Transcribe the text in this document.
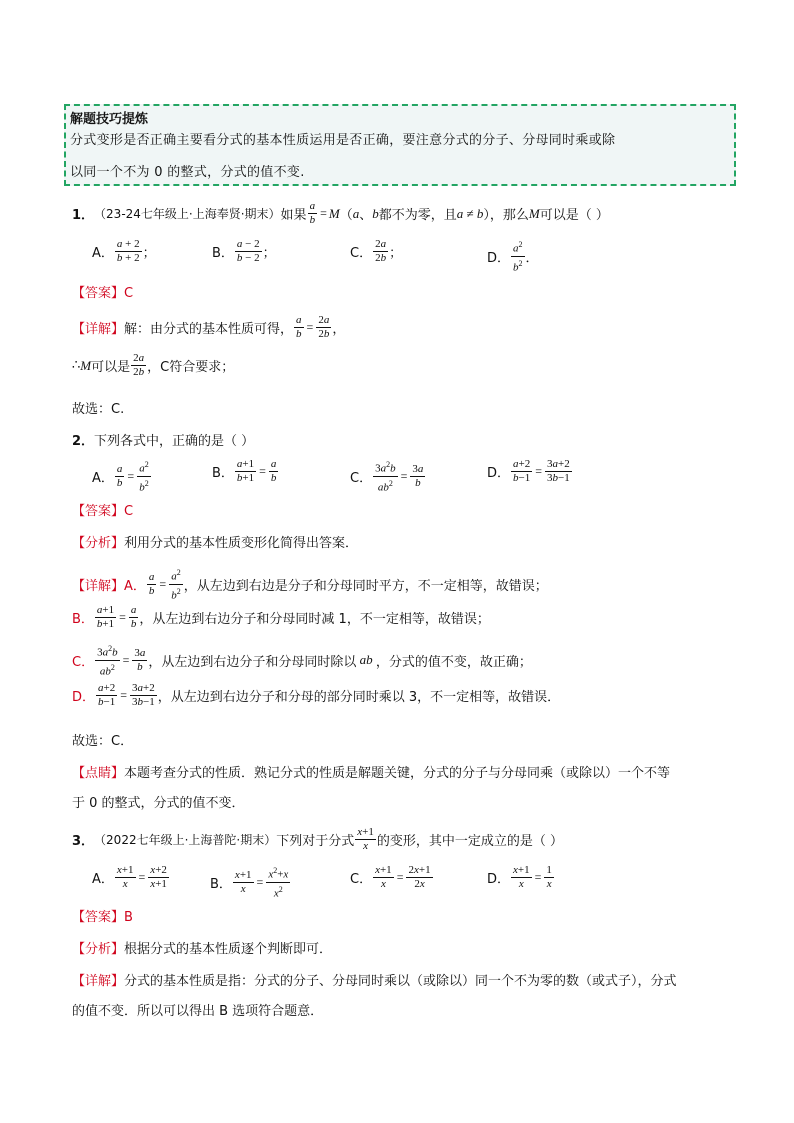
解题技巧提炼
分式变形是否正确主要看分式的基本性质运用是否正确，要注意分式的分子、分母同时乘或除
以同一个不为 0 的整式，分式的值不变.
1． （23-24七年级上·上海奉贤·期末） 如果 $\frac{a}{b} = M$ （ a 、 b 都不为零，且 a ≠ b ），那么 M 可以是（ ）
A．
a + 2
b + 2 ；	B．
a − 2
b − 2 ；	C．
2a
2b ；	D．
$a^2$
$b^2$ ．
【答案】C
【详解】 解：由分式的基本性质可得， $\frac{a}{b} = \frac{2a}{2b}$ ，
∴ M 可以是
2a
2b ，C符合要求；
故选：C.
2． 下列各式中，正确的是（ ）
A． $\frac{a}{b} = \frac{a^2}{b^2}$	B． $\frac{a+1}{b+1} = \frac{a}{b}$	C． $\frac{3a^2b}{ab^2} = \frac{3a}{b}$	D． $\frac{a+2}{b-1} = \frac{3a+2}{3b-1}$
【答案】C
【分析】利用分式的基本性质变形化简得出答案．
【详解】 A． $\frac{a}{b} = \frac{a^2}{b^2}$ ，从左边到右边是分子和分母同时平方，不一定相等，故错误；
B． $\frac{a+1}{b+1} = \frac{a}{b}$ ，从左边到右边分子和分母同时减 1，不一定相等，故错误；
C． $\frac{3a^2b}{ab^2} = \frac{3a}{b}$ ，从左边到右边分子和分母同时除以 ab ，分式的值不变，故正确；
D． $\frac{a+2}{b-1} = \frac{3a+2}{3b-1}$ ，从左边到右边分子和分母的部分同时乘以 3，不一定相等，故错误．
故选：C．
【点睛】本题考查分式的性质．熟记分式的性质是解题关键，分式的分子与分母同乘（或除以）一个不等
于 0 的整式，分式的值不变．
3． （2022七年级上·上海普陀·期末） 下列对于分式
x+1
x 的变形，其中一定成立的是（ ）
A． $\frac{x+1}{x} = \frac{x+2}{x+1}$	B． $\frac{x+1}{x} = \frac{x^2+x}{x^2}$	C． $\frac{x+1}{x} = \frac{2x+1}{2x}$	D． $\frac{x+1}{x} = \frac{1}{x}$
【答案】B
【分析】根据分式的基本性质逐个判断即可．
【详解】分式的基本性质是指：分式的分子、分母同时乘以（或除以）同一个不为零的数（或式子），分式
的值不变．所以可以得出 B 选项符合题意．
